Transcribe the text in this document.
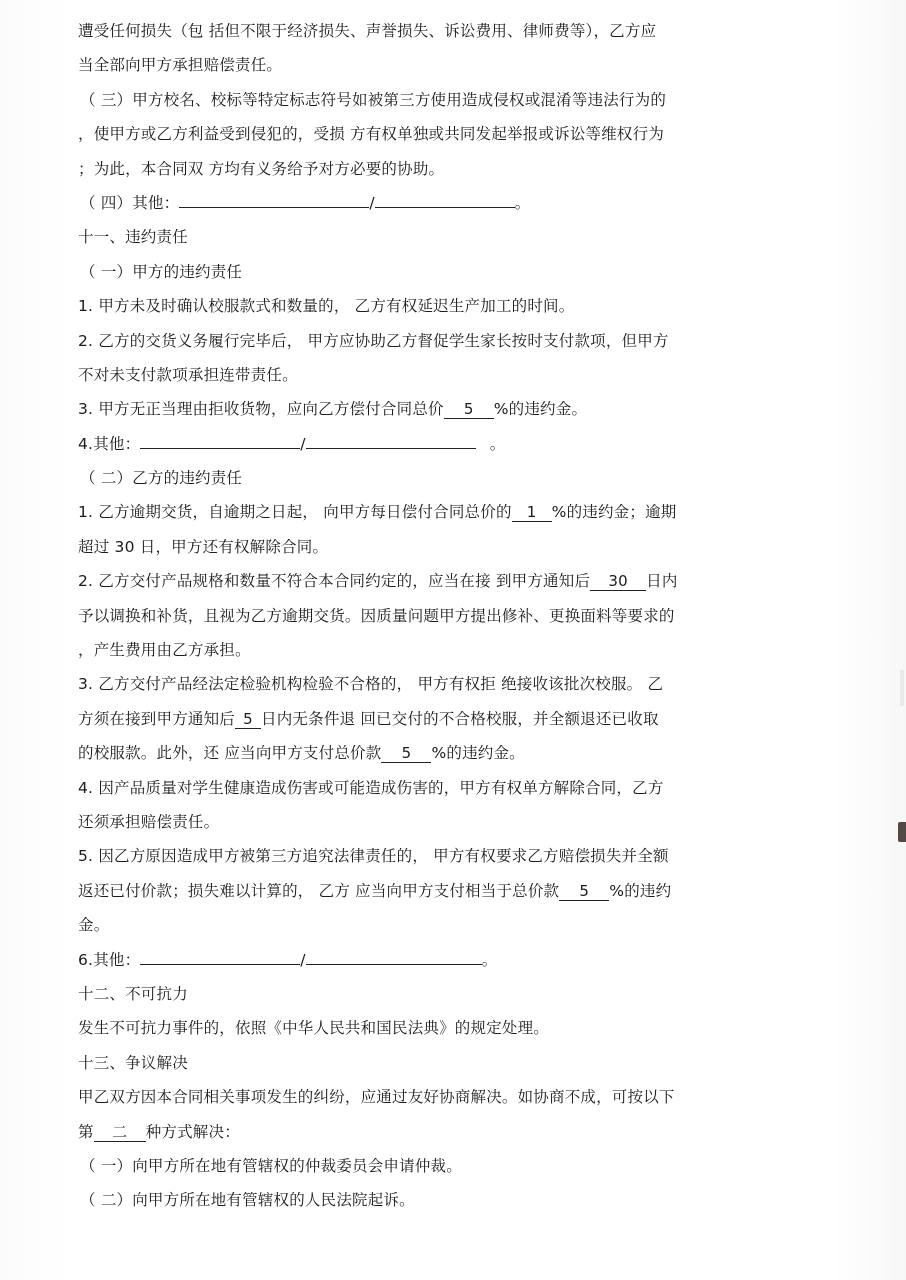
遭受任何损失（包 括但不限于经济损失、声誉损失、诉讼费用、律师费等），乙方应
当全部向甲方承担赔偿责任。
（ 三）甲方校名、校标等特定标志符号如被第三方使用造成侵权或混淆等违法行为的
，使甲方或乙方利益受到侵犯的，受损 方有权单独或共同发起举报或诉讼等维权行为
；为此，本合同双 方均有义务给予对方必要的协助。
（ 四）其他：	/	。
十一、违约责任
（ 一）甲方的违约责任
1. 甲方未及时确认校服款式和数量的， 乙方有权延迟生产加工的时间。
2. 乙方的交货义务履行完毕后， 甲方应协助乙方督促学生家长按时支付款项，但甲方
不对未支付款项承担连带责任。
3. 甲方无正当理由拒收货物，应向乙方偿付合同总价 5 %的违约金。
4.其他：	/	。
（ 二）乙方的违约责任
1. 乙方逾期交货，自逾期之日起， 向甲方每日偿付合同总价的 1 %的违约金；逾期
超过 30 日，甲方还有权解除合同。
2. 乙方交付产品规格和数量不符合本合同约定的，应当在接 到甲方通知后 30 日内
予以调换和补货，且视为乙方逾期交货。因质量问题甲方提出修补、更换面料等要求的
，产生费用由乙方承担。
3. 乙方交付产品经法定检验机构检验不合格的， 甲方有权拒 绝接收该批次校服。 乙
方须在接到甲方通知后 5 日内无条件退 回已交付的不合格校服，并全额退还已收取
的校服款。此外，还 应当向甲方支付总价款 5 %的违约金。
4. 因产品质量对学生健康造成伤害或可能造成伤害的，甲方有权单方解除合同，乙方
还须承担赔偿责任。
5. 因乙方原因造成甲方被第三方追究法律责任的， 甲方有权要求乙方赔偿损失并全额
返还已付价款；损失难以计算的， 乙方 应当向甲方支付相当于总价款 5 %的违约
金。
6.其他：	/	。
十二、不可抗力
发生不可抗力事件的，依照《中华人民共和国民法典》的规定处理。
十三、争议解决
甲乙双方因本合同相关事项发生的纠纷，应通过友好协商解决。如协商不成，可按以下
第 二 种方式解决：
（ 一）向甲方所在地有管辖权的仲裁委员会申请仲裁。
（ 二）向甲方所在地有管辖权的人民法院起诉。
